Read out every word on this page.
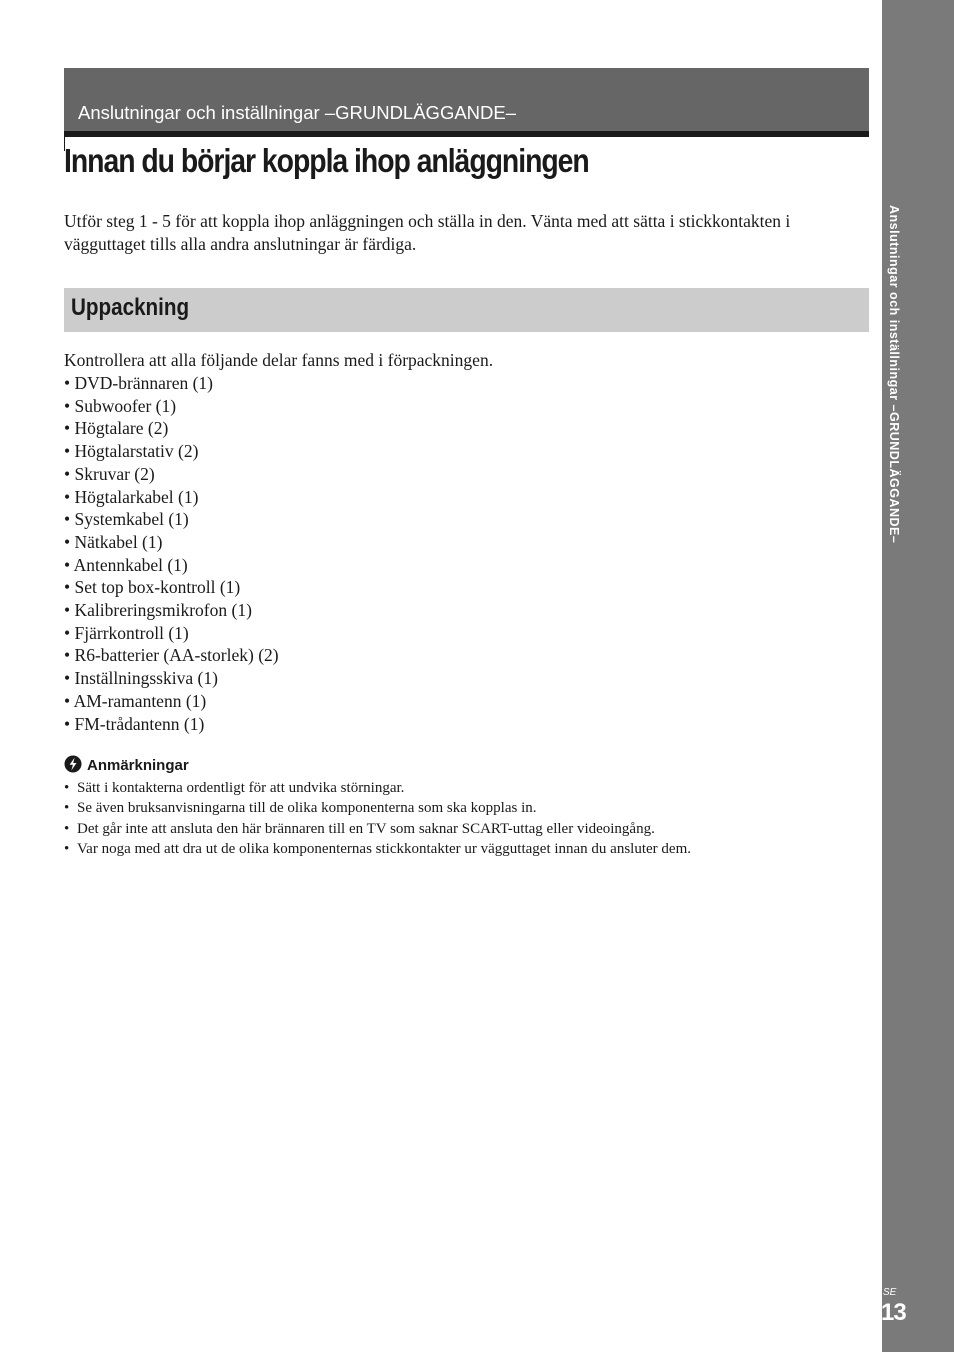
Anslutningar och inställningar –GRUNDLÄGGANDE–
SE
13
Anslutningar och inställningar –GRUNDLÄGGANDE–
Innan du börjar koppla ihop anläggningen

Utför steg 1 - 5 för att koppla ihop anläggningen och ställa in den. Vänta med att sätta i stickkontakten i vägguttaget tills alla andra anslutningar är färdiga.

Uppackning

Kontrollera att alla följande delar fanns med i förpackningen.

• DVD-brännaren (1)
• Subwoofer (1)
• Högtalare (2)
• Högtalarstativ (2)
• Skruvar (2)
• Högtalarkabel (1)
• Systemkabel (1)
• Nätkabel (1)
• Antennkabel (1)
• Set top box-kontroll (1)
• Kalibreringsmikrofon (1)
• Fjärrkontroll (1)
• R6-batterier (AA-storlek) (2)
• Inställningsskiva (1)
• AM-ramantenn (1)
• FM-trådantenn (1)
Anmärkningar
• Sätt i kontakterna ordentligt för att undvika störningar.
• Se även bruksanvisningarna till de olika komponenterna som ska kopplas in.
• Det går inte att ansluta den här brännaren till en TV som saknar SCART-uttag eller videoingång.
• Var noga med att dra ut de olika komponenternas stickkontakter ur vägguttaget innan du ansluter dem.
